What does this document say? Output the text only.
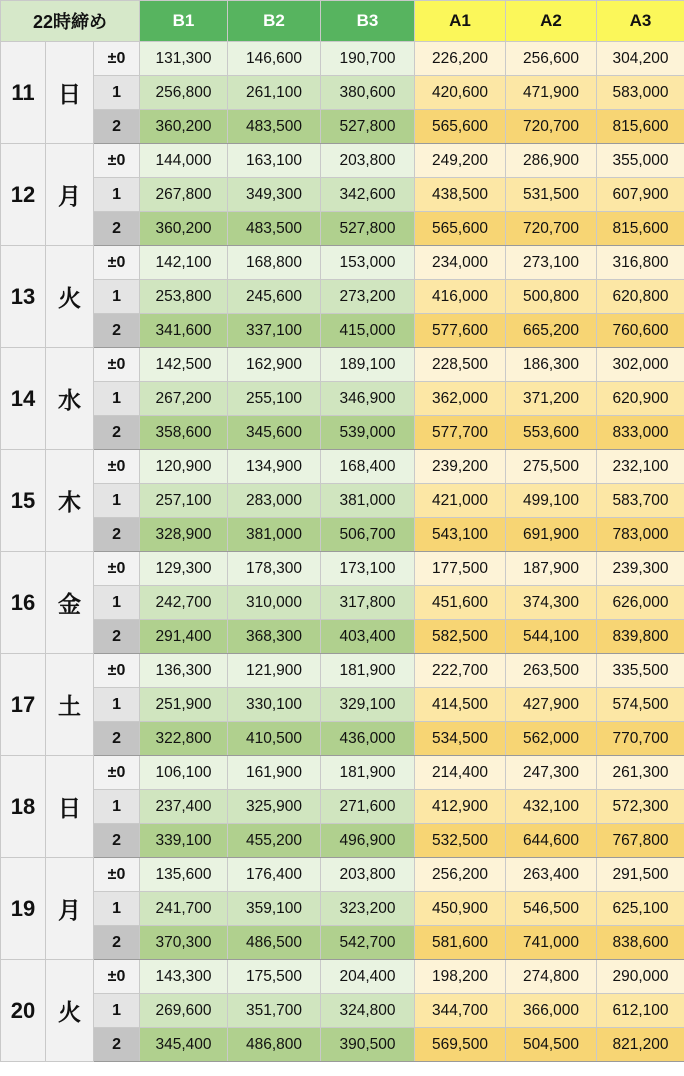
22時締め			B1	B2	B3	A1	A2	A3
11	日	±0	131,300	146,600	190,700	226,200	256,600	304,200
		1	256,800	261,100	380,600	420,600	471,900	583,000
		2	360,200	483,500	527,800	565,600	720,700	815,600
12	月	±0	144,000	163,100	203,800	249,200	286,900	355,000
		1	267,800	349,300	342,600	438,500	531,500	607,900
		2	360,200	483,500	527,800	565,600	720,700	815,600
13	火	±0	142,100	168,800	153,000	234,000	273,100	316,800
		1	253,800	245,600	273,200	416,000	500,800	620,800
		2	341,600	337,100	415,000	577,600	665,200	760,600
14	水	±0	142,500	162,900	189,100	228,500	186,300	302,000
		1	267,200	255,100	346,900	362,000	371,200	620,900
		2	358,600	345,600	539,000	577,700	553,600	833,000
15	木	±0	120,900	134,900	168,400	239,200	275,500	232,100
		1	257,100	283,000	381,000	421,000	499,100	583,700
		2	328,900	381,000	506,700	543,100	691,900	783,000
16	金	±0	129,300	178,300	173,100	177,500	187,900	239,300
		1	242,700	310,000	317,800	451,600	374,300	626,000
		2	291,400	368,300	403,400	582,500	544,100	839,800
17	土	±0	136,300	121,900	181,900	222,700	263,500	335,500
		1	251,900	330,100	329,100	414,500	427,900	574,500
		2	322,800	410,500	436,000	534,500	562,000	770,700
18	日	±0	106,100	161,900	181,900	214,400	247,300	261,300
		1	237,400	325,900	271,600	412,900	432,100	572,300
		2	339,100	455,200	496,900	532,500	644,600	767,800
19	月	±0	135,600	176,400	203,800	256,200	263,400	291,500
		1	241,700	359,100	323,200	450,900	546,500	625,100
		2	370,300	486,500	542,700	581,600	741,000	838,600
20	火	±0	143,300	175,500	204,400	198,200	274,800	290,000
		1	269,600	351,700	324,800	344,700	366,000	612,100
		2	345,400	486,800	390,500	569,500	504,500	821,200
